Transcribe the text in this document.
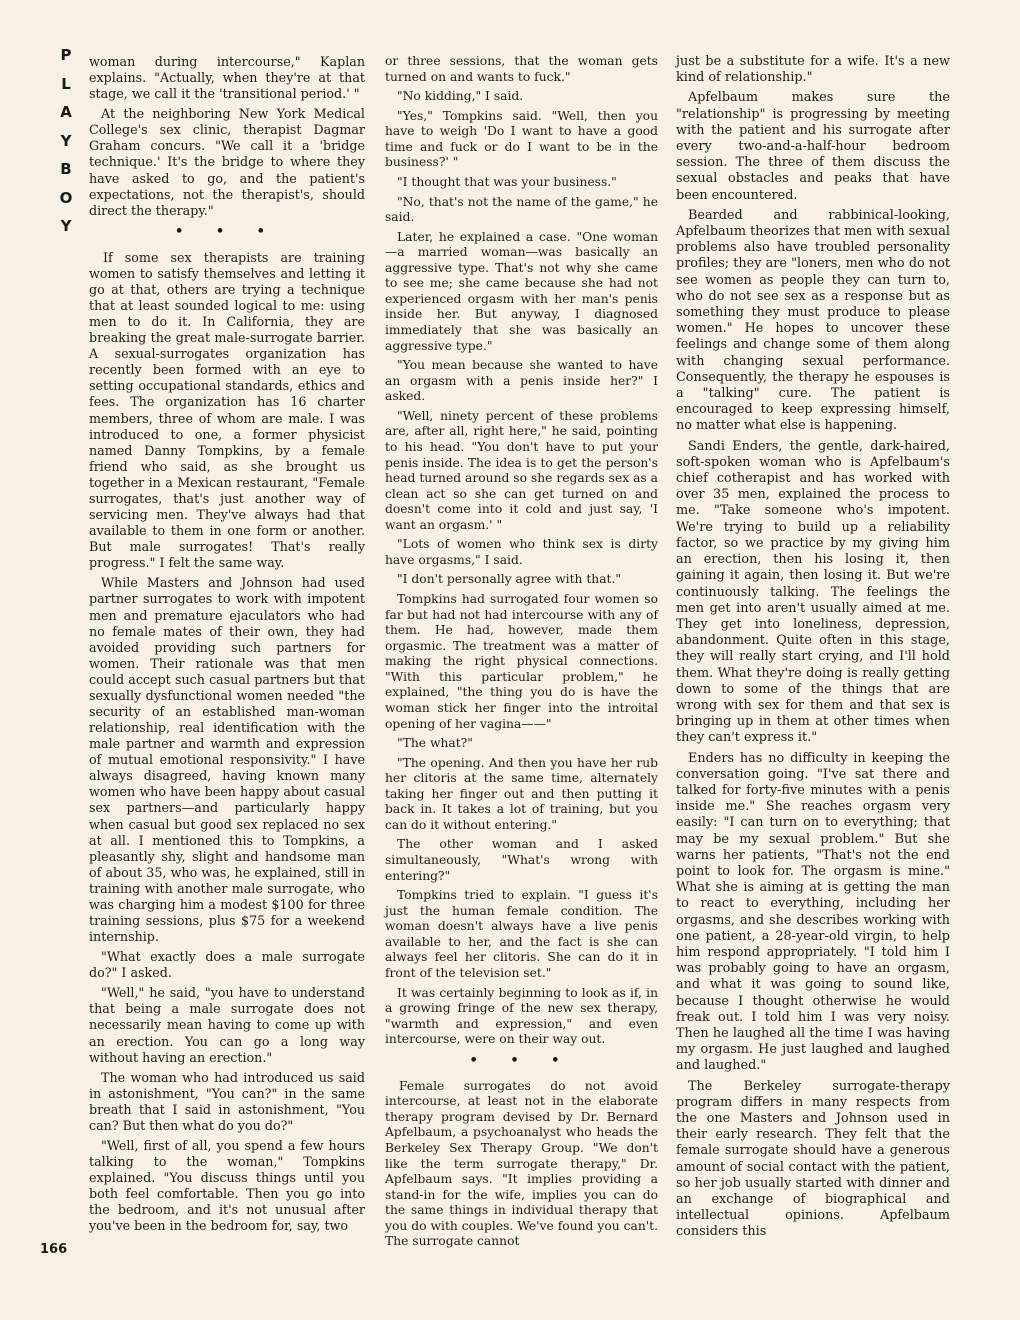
P
L
A
Y
B
O
Y

woman during intercourse," Kaplan explains. "Actually, when they're at that stage, we call it the 'transitional period.' "

At the neighboring New York Medical College's sex clinic, therapist Dagmar Graham concurs. "We call it a 'bridge technique.' It's the bridge to where they have asked to go, and the patient's expectations, not the therapist's, should direct the therapy."

• • •

If some sex therapists are training women to satisfy themselves and letting it go at that, others are trying a technique that at least sounded logical to me: using men to do it. In California, they are breaking the great male-surrogate barrier. A sexual-surrogates organization has recently been formed with an eye to setting occupational standards, ethics and fees. The organization has 16 charter members, three of whom are male. I was introduced to one, a former physicist named Danny Tompkins, by a female friend who said, as she brought us together in a Mexican restaurant, "Female surrogates, that's just another way of servicing men. They've always had that available to them in one form or another. But male surrogates! That's really progress." I felt the same way.

While Masters and Johnson had used partner surrogates to work with impotent men and premature ejaculators who had no female mates of their own, they had avoided providing such partners for women. Their rationale was that men could accept such casual partners but that sexually dysfunctional women needed "the security of an established man-woman relationship, real identification with the male partner and warmth and expression of mutual emotional responsivity." I have always disagreed, having known many women who have been happy about casual sex partners—and particularly happy when casual but good sex replaced no sex at all. I mentioned this to Tompkins, a pleasantly shy, slight and handsome man of about 35, who was, he explained, still in training with another male surrogate, who was charging him a modest $100 for three training sessions, plus $75 for a weekend internship.

"What exactly does a male surrogate do?" I asked.

"Well," he said, "you have to understand that being a male surrogate does not necessarily mean having to come up with an erection. You can go a long way without having an erection."

The woman who had introduced us said in astonishment, "You can?" in the same breath that I said in astonishment, "You can? But then what do you do?"

"Well, first of all, you spend a few hours talking to the woman," Tompkins explained. "You discuss things until you both feel comfortable. Then you go into the bedroom, and it's not unusual after you've been in the bedroom for, say, two

or three sessions, that the woman gets turned on and wants to fuck."

"No kidding," I said.

"Yes," Tompkins said. "Well, then you have to weigh 'Do I want to have a good time and fuck or do I want to be in the business?' "

"I thought that was your business."

"No, that's not the name of the game," he said.

Later, he explained a case. "One woman—a married woman—was basically an aggressive type. That's not why she came to see me; she came because she had not experienced orgasm with her man's penis inside her. But anyway, I diagnosed immediately that she was basically an aggressive type."

"You mean because she wanted to have an orgasm with a penis inside her?" I asked.

"Well, ninety percent of these problems are, after all, right here," he said, pointing to his head. "You don't have to put your penis inside. The idea is to get the person's head turned around so she regards sex as a clean act so she can get turned on and doesn't come into it cold and just say, 'I want an orgasm.' "

"Lots of women who think sex is dirty have orgasms," I said.

"I don't personally agree with that."

Tompkins had surrogated four women so far but had not had intercourse with any of them. He had, however, made them orgasmic. The treatment was a matter of making the right physical connections. "With this particular problem," he explained, "the thing you do is have the woman stick her finger into the introital opening of her vagina——"

"The what?"

"The opening. And then you have her rub her clitoris at the same time, alternately taking her finger out and then putting it back in. It takes a lot of training, but you can do it without entering."

The other woman and I asked simultaneously, "What's wrong with entering?"

Tompkins tried to explain. "I guess it's just the human female condition. The woman doesn't always have a live penis available to her, and the fact is she can always feel her clitoris. She can do it in front of the television set."

It was certainly beginning to look as if, in a growing fringe of the new sex therapy, "warmth and expression," and even intercourse, were on their way out.

• • •

Female surrogates do not avoid intercourse, at least not in the elaborate therapy program devised by Dr. Bernard Apfelbaum, a psychoanalyst who heads the Berkeley Sex Therapy Group. "We don't like the term surrogate therapy," Dr. Apfelbaum says. "It implies providing a stand-in for the wife, implies you can do the same things in individual therapy that you do with couples. We've found you can't. The surrogate cannot

just be a substitute for a wife. It's a new kind of relationship."

Apfelbaum makes sure the "relationship" is progressing by meeting with the patient and his surrogate after every two-and-a-half-hour bedroom session. The three of them discuss the sexual obstacles and peaks that have been encountered.

Bearded and rabbinical-looking, Apfelbaum theorizes that men with sexual problems also have troubled personality profiles; they are "loners, men who do not see women as people they can turn to, who do not see sex as a response but as something they must produce to please women." He hopes to uncover these feelings and change some of them along with changing sexual performance. Consequently, the therapy he espouses is a "talking" cure. The patient is encouraged to keep expressing himself, no matter what else is happening.

Sandi Enders, the gentle, dark-haired, soft-spoken woman who is Apfelbaum's chief cotherapist and has worked with over 35 men, explained the process to me. "Take someone who's impotent. We're trying to build up a reliability factor, so we practice by my giving him an erection, then his losing it, then gaining it again, then losing it. But we're continuously talking. The feelings the men get into aren't usually aimed at me. They get into loneliness, depression, abandonment. Quite often in this stage, they will really start crying, and I'll hold them. What they're doing is really getting down to some of the things that are wrong with sex for them and that sex is bringing up in them at other times when they can't express it."

Enders has no difficulty in keeping the conversation going. "I've sat there and talked for forty-five minutes with a penis inside me." She reaches orgasm very easily: "I can turn on to everything; that may be my sexual problem." But she warns her patients, "That's not the end point to look for. The orgasm is mine." What she is aiming at is getting the man to react to everything, including her orgasms, and she describes working with one patient, a 28-year-old virgin, to help him respond appropriately. "I told him I was probably going to have an orgasm, and what it was going to sound like, because I thought otherwise he would freak out. I told him I was very noisy. Then he laughed all the time I was having my orgasm. He just laughed and laughed and laughed."

The Berkeley surrogate-therapy program differs in many respects from the one Masters and Johnson used in their early research. They felt that the female surrogate should have a generous amount of social contact with the patient, so her job usually started with dinner and an exchange of biographical and intellectual opinions. Apfelbaum considers this

166
